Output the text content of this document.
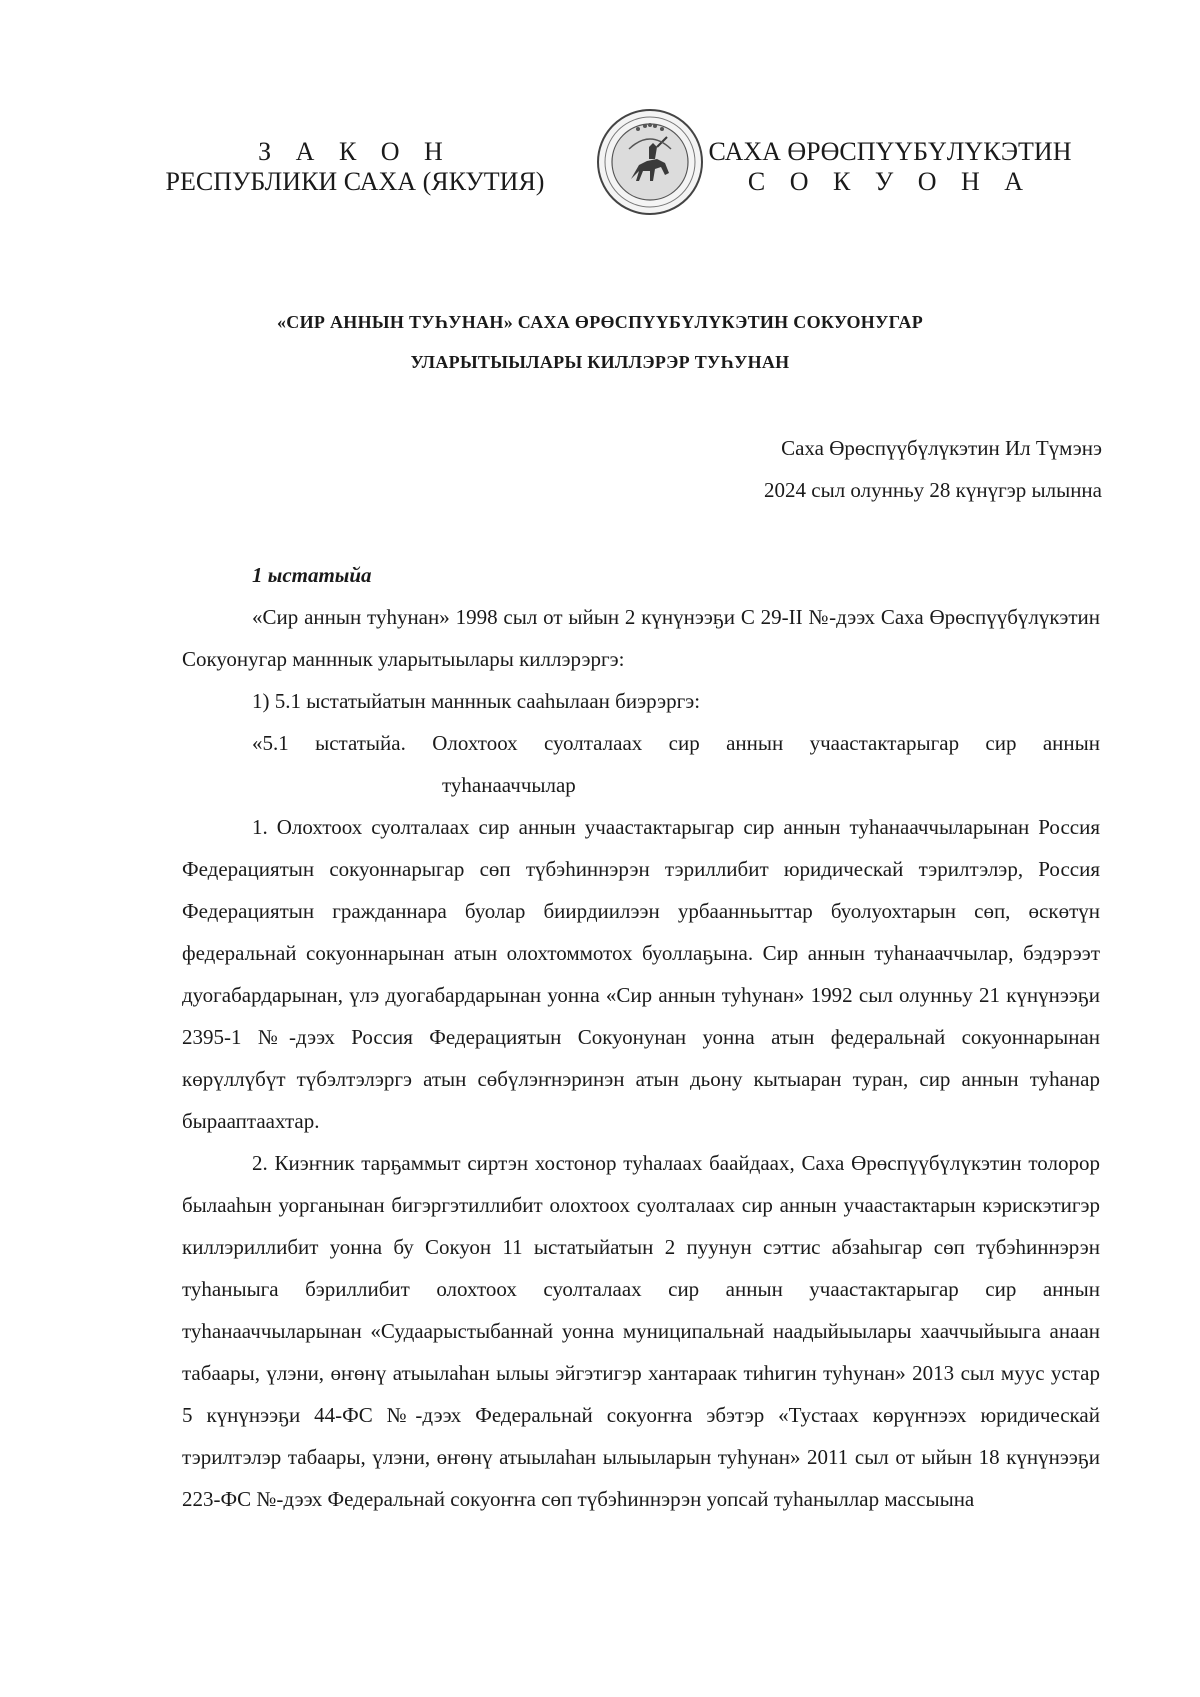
З А К О Н
РЕСПУБЛИКИ САХА (ЯКУТИЯ)
САХА ӨРӨСПҮҮБҮЛҮКЭТИН
С О К У О Н А
«СИР АННЫН ТУҺУНАН» САХА ӨРӨСПҮҮБҮЛҮКЭТИН СОКУОНУГАР
УЛАРЫТЫЫЛАРЫ КИЛЛЭРЭР ТУҺУНАН
Саха Өрөспүүбүлүкэтин Ил Түмэнэ
2024 сыл олунньу 28 күнүгэр ылынна
1 ыстатыйа

«Сир аннын туһунан» 1998 сыл от ыйын 2 күнүнээҕи С 29-II №-дээх Саха Өрөспүүбүлүкэтин Сокуонугар манннык уларытыылары киллэрэргэ:

1) 5.1 ыстатыйатын манннык сааһылаан биэрэргэ:

«5.1 ыстатыйа. Олохтоох суолталаах сир аннын учаастактарыгар сир аннын
туһанааччылар

1. Олохтоох суолталаах сир аннын учаастактарыгар сир аннын туһанааччыларынан Россия Федерациятын сокуоннарыгар сөп түбэһиннэрэн тэриллибит юридическай тэрилтэлэр, Россия Федерациятын гражданнара буолар биирдиилээн урбаанньыттар буолуохтарын сөп, өскөтүн федеральнай сокуоннарынан атын олохтоммотох буоллаҕына. Сир аннын туһанааччылар, бэдэрээт дуогабардарынан, үлэ дуогабардарынан уонна «Сир аннын туһунан» 1992 сыл олунньу 21 күнүнээҕи 2395-1 №-дээх Россия Федерациятын Сокуонунан уонна атын федеральнай сокуоннарынан көрүллүбүт түбэлтэлэргэ атын сөбүлэҥнэринэн атын дьону кытыаран туран, сир аннын туһанар бырааптаахтар.

2. Киэҥник тарҕаммыт сиртэн хостонор туһалаах баайдаах, Саха Өрөспүүбүлүкэтин толорор былааһын уорганынан бигэргэтиллибит олохтоох суолталаах сир аннын учаастактарын кэрискэтигэр киллэриллибит уонна бу Сокуон 11 ыстатыйатын 2 пуунун сэттис абзаһыгар сөп түбэһиннэрэн туһаныыга бэриллибит олохтоох суолталаах сир аннын учаастактарыгар сир аннын туһанааччыларынан «Судаарыстыбаннай уонна муниципальнай наадыйыылары хааччыйыыга анаан табаары, үлэни, өҥөнү атыылаһан ылыы эйгэтигэр хантараак тиһигин туһунан» 2013 сыл муус устар 5 күнүнээҕи 44-ФС №-дээх Федеральнай сокуоҥҥа эбэтэр «Тустаах көрүҥнээх юридическай тэрилтэлэр табаары, үлэни, өҥөнү атыылаһан ылыыларын туһунан» 2011 сыл от ыйын 18 күнүнээҕи 223-ФС №-дээх Федеральнай сокуоҥҥа сөп түбэһиннэрэн уопсай туһаныллар массыына
